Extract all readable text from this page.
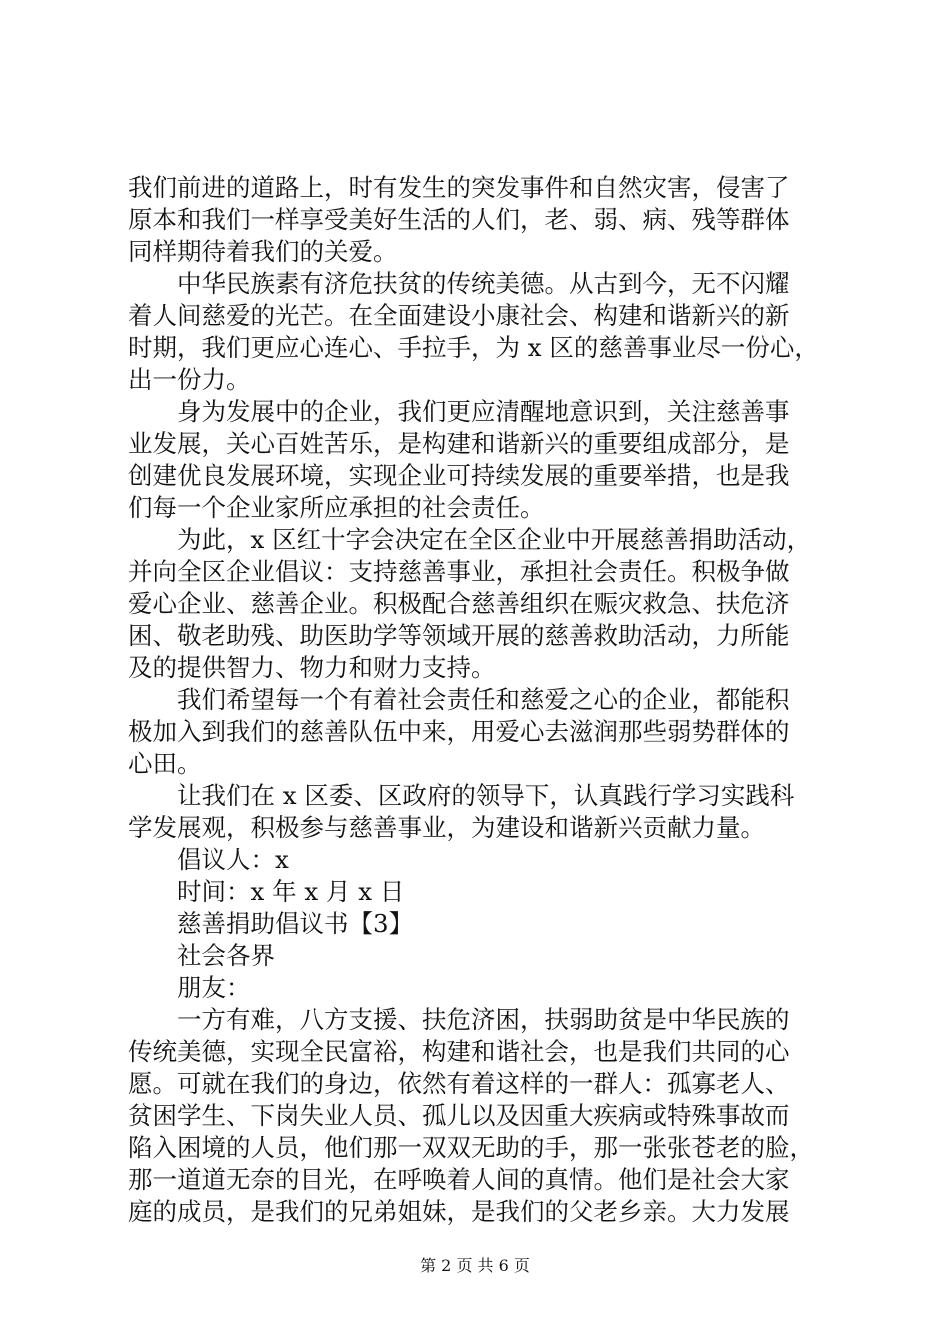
我们前进的道路上，时有发生的突发事件和自然灾害，侵害了
原本和我们一样享受美好生活的人们，老、弱、病、残等群体
同样期待着我们的关爱。
　　中华民族素有济危扶贫的传统美德。从古到今，无不闪耀
着人间慈爱的光芒。在全面建设小康社会、构建和谐新兴的新
时期，我们更应心连心、手拉手，为 x 区的慈善事业尽一份心，
出一份力。
　　身为发展中的企业，我们更应清醒地意识到，关注慈善事
业发展，关心百姓苦乐，是构建和谐新兴的重要组成部分，是
创建优良发展环境，实现企业可持续发展的重要举措，也是我
们每一个企业家所应承担的社会责任。
　　为此，x 区红十字会决定在全区企业中开展慈善捐助活动，
并向全区企业倡议：支持慈善事业，承担社会责任。积极争做
爱心企业、慈善企业。积极配合慈善组织在赈灾救急、扶危济
困、敬老助残、助医助学等领域开展的慈善救助活动，力所能
及的提供智力、物力和财力支持。
　　我们希望每一个有着社会责任和慈爱之心的企业，都能积
极加入到我们的慈善队伍中来，用爱心去滋润那些弱势群体的
心田。
　　让我们在 x 区委、区政府的领导下，认真践行学习实践科
学发展观，积极参与慈善事业，为建设和谐新兴贡献力量。
　　倡议人：x
　　时间：x 年 x 月 x 日
　　慈善捐助倡议书【3】
　　社会各界
　　朋友：
　　一方有难，八方支援、扶危济困，扶弱助贫是中华民族的
传统美德，实现全民富裕，构建和谐社会，也是我们共同的心
愿。可就在我们的身边，依然有着这样的一群人：孤寡老人、
贫困学生、下岗失业人员、孤儿以及因重大疾病或特殊事故而
陷入困境的人员，他们那一双双无助的手，那一张张苍老的脸，
那一道道无奈的目光，在呼唤着人间的真情。他们是社会大家
庭的成员，是我们的兄弟姐妹，是我们的父老乡亲。大力发展
第 2 页 共 6 页
